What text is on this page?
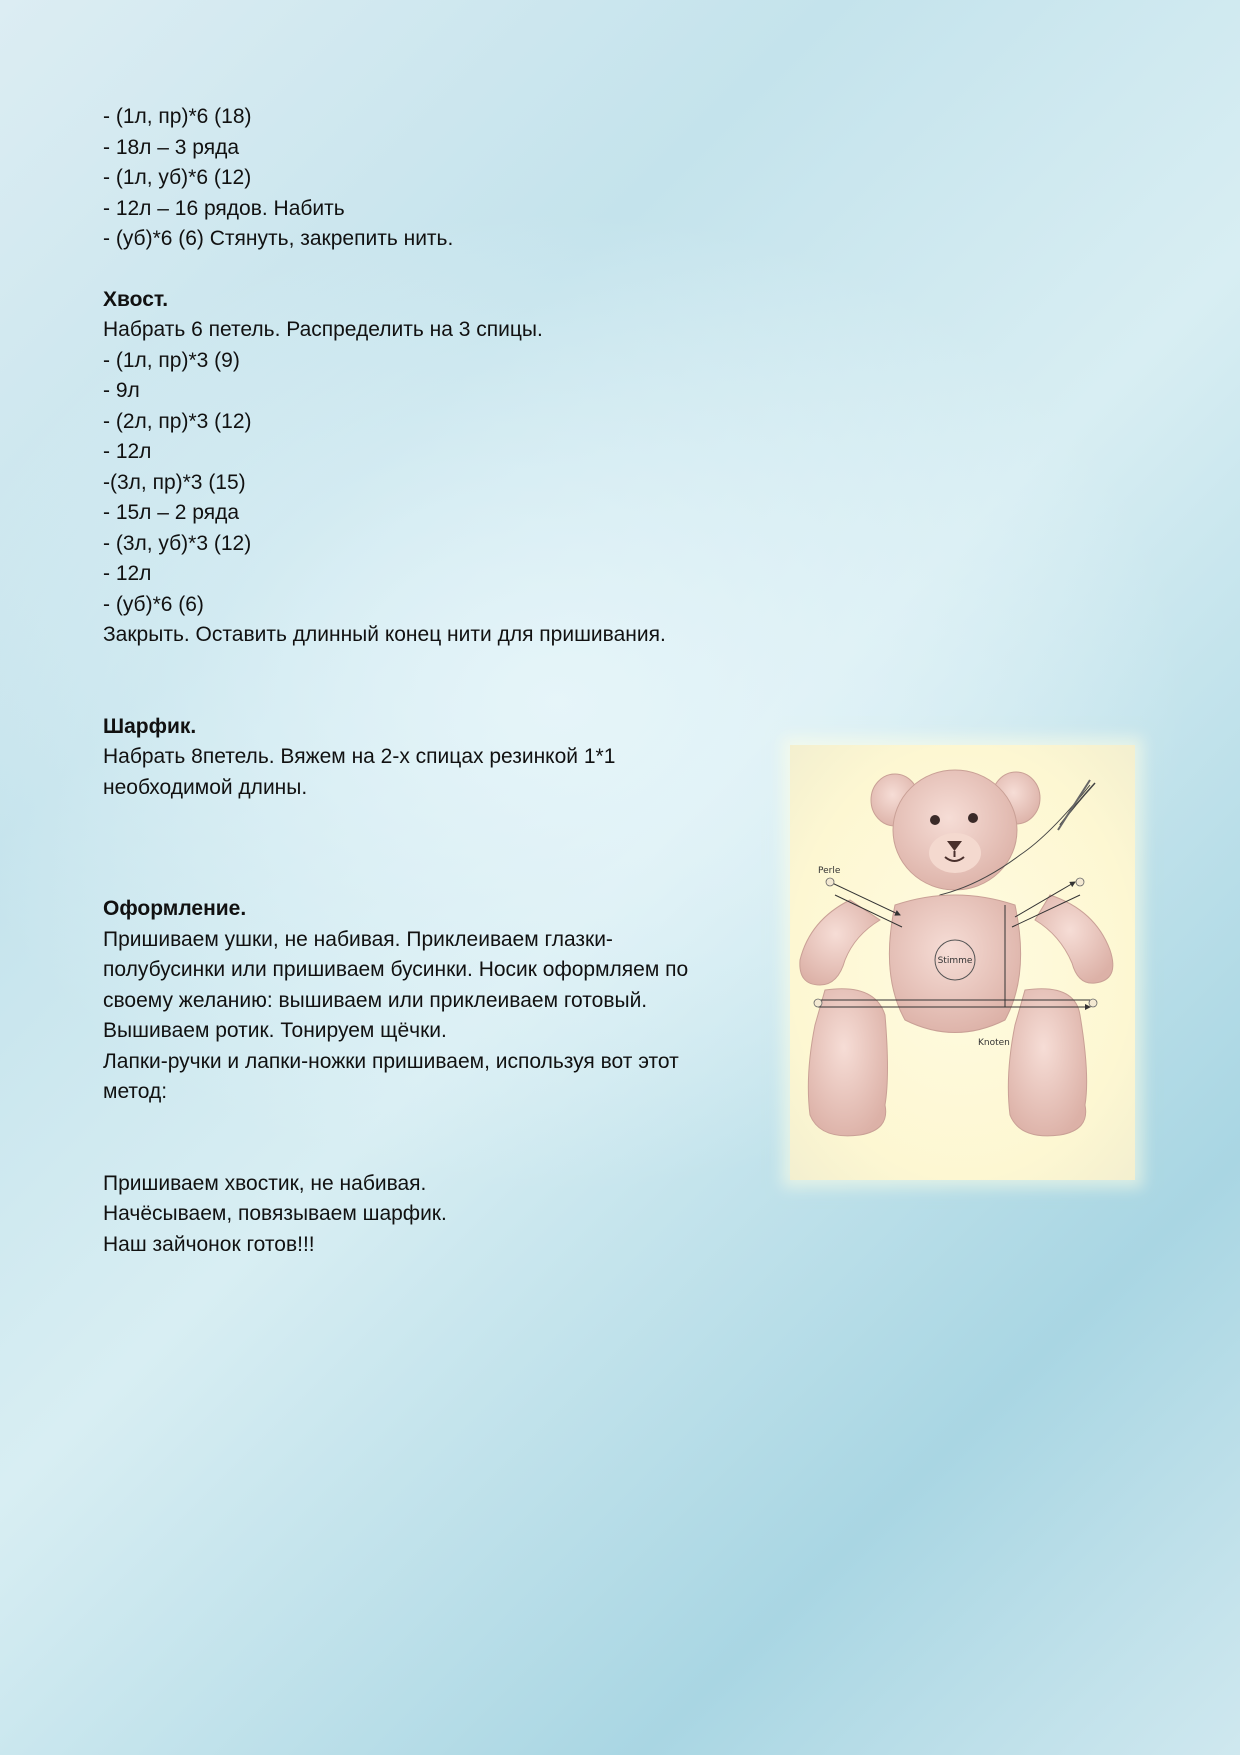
- (1л, пр)*6 (18)
- 18л – 3 ряда
- (1л, уб)*6 (12)
- 12л – 16 рядов. Набить
- (уб)*6 (6) Стянуть, закрепить нить.
Хвост.
Набрать 6 петель. Распределить на 3 спицы.
- (1л, пр)*3 (9)
- 9л
- (2л, пр)*3 (12)
- 12л
-(3л, пр)*3 (15)
- 15л – 2 ряда
- (3л, уб)*3 (12)
- 12л
- (уб)*6 (6)
Закрыть. Оставить длинный конец нити для пришивания.
Шарфик.
Набрать 8петель. Вяжем на 2-х спицах резинкой 1*1
необходимой длины.
Оформление.
Пришиваем ушки, не набивая. Приклеиваем глазки-
полубусинки или пришиваем бусинки. Носик оформляем по
своему желанию: вышиваем или приклеиваем готовый.
Вышиваем ротик. Тонируем щёчки.
Лапки-ручки и лапки-ножки пришиваем, используя вот этот
метод:
Пришиваем хвостик, не набивая.
Начёсываем, повязываем шарфик.
Наш зайчонок готов!!!
Stimme
Perle
Knoten
